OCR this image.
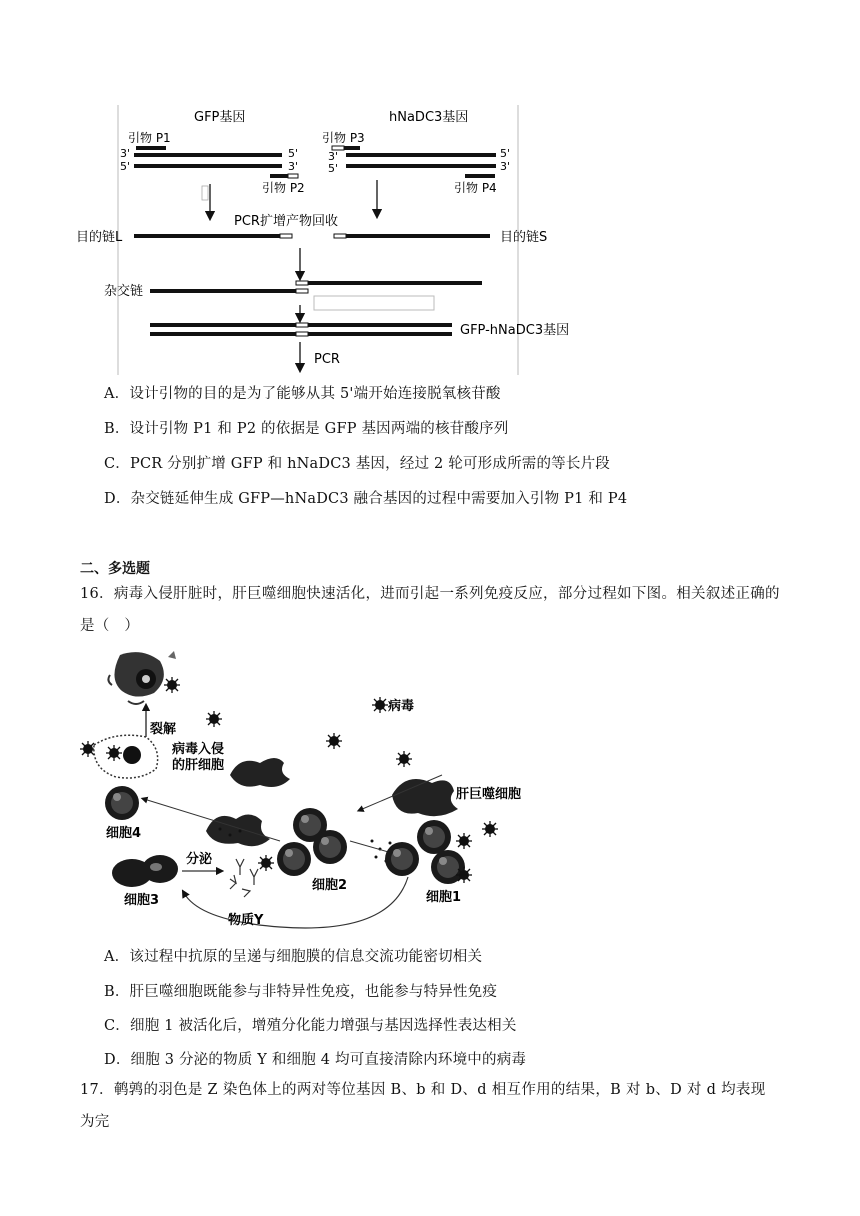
GFP基因	hNaDC3基因
引物 P1
3'
5'
5'
3'
引物 P2
引物 P3
3'
5'
5'
3'
引物 P4
PCR扩增产物回收
目的链L	目的链S
杂交链
GFP-hNaDC3基因
PCR
A．设计引物的目的是为了能够从其 5'端开始连接脱氧核苷酸
B．设计引物 P1 和 P2 的依据是 GFP 基因两端的核苷酸序列
C．PCR 分别扩增 GFP 和 hNaDC3 基因，经过 2 轮可形成所需的等长片段
D．杂交链延伸生成 GFP—hNaDC3 融合基因的过程中需要加入引物 P1 和 P4
二、多选题
16．病毒入侵肝脏时，肝巨噬细胞快速活化，进而引起一系列免疫反应，部分过程如下图。相关叙述正确的是（　）
裂解
病毒
病毒入侵
的肝细胞
肝巨噬细胞
细胞4
细胞2
细胞1
细胞3
分泌
物质Y
A．该过程中抗原的呈递与细胞膜的信息交流功能密切相关
B．肝巨噬细胞既能参与非特异性免疫，也能参与特异性免疫
C．细胞 1 被活化后，增殖分化能力增强与基因选择性表达相关
D．细胞 3 分泌的物质 Y 和细胞 4 均可直接清除内环境中的病毒
17．鹌鹑的羽色是 Z 染色体上的两对等位基因 B、b 和 D、d 相互作用的结果，B 对 b、D 对 d 均表现为完
